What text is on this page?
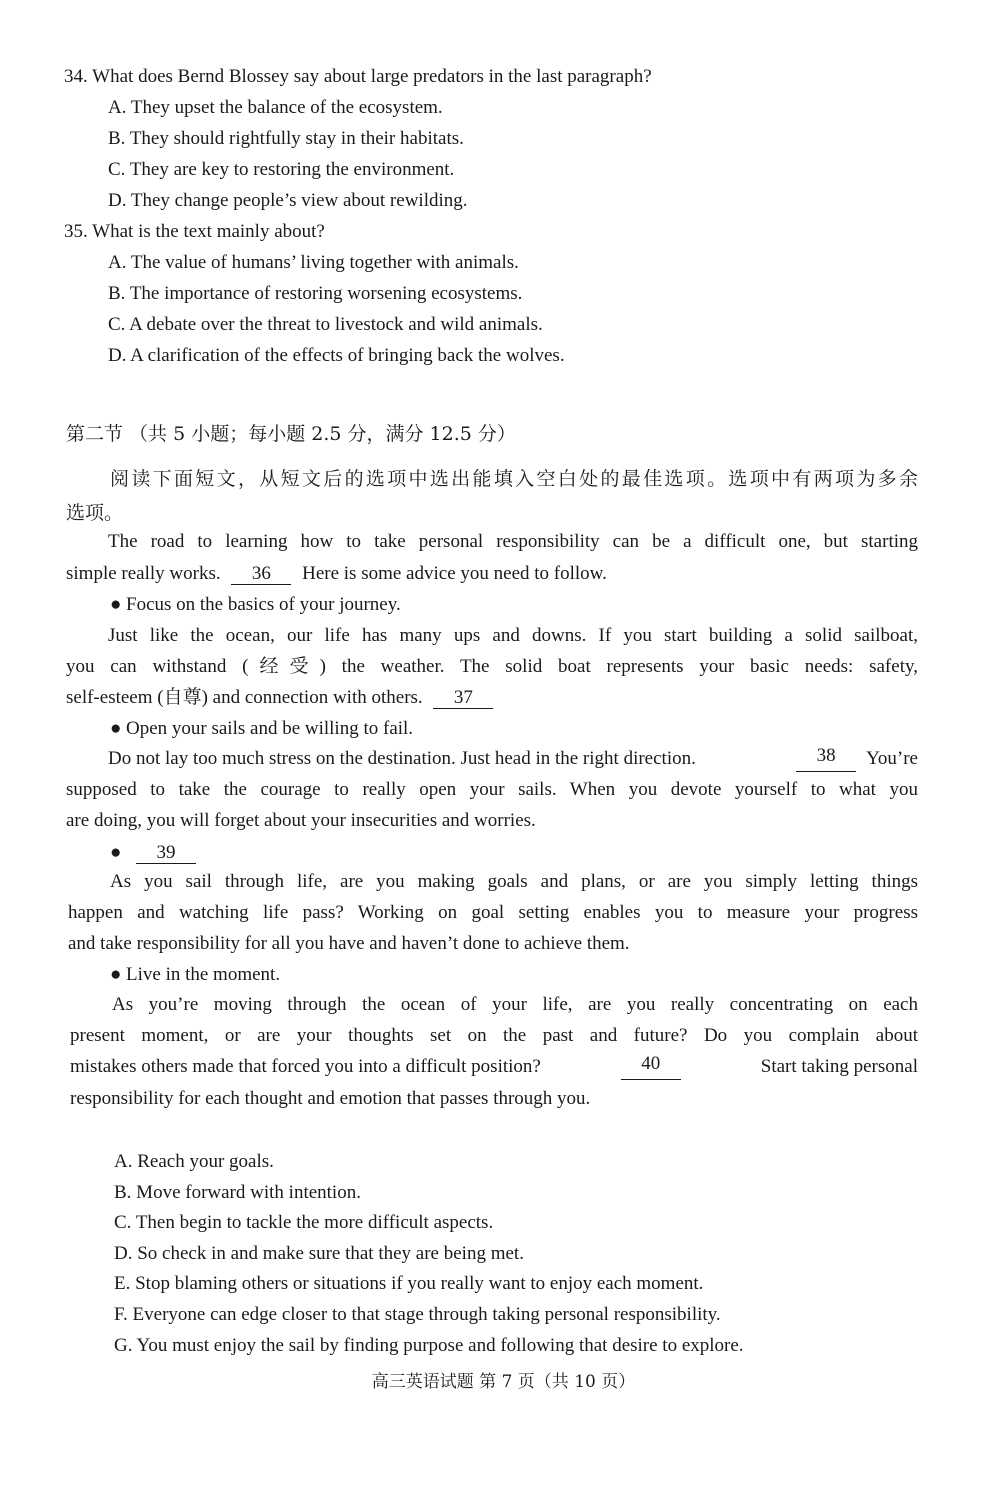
34. What does Bernd Blossey say about large predators in the last paragraph?
A. They upset the balance of the ecosystem.
B. They should rightfully stay in their habitats.
C. They are key to restoring the environment.
D. They change people’s view about rewilding.
35. What is the text mainly about?
A. The value of humans’ living together with animals.
B. The importance of restoring worsening ecosystems.
C. A debate over the threat to livestock and wild animals.
D. A clarification of the effects of bringing back the wolves.
第二节 （共 5 小题；每小题 2.5 分，满分 12.5 分）
阅读下面短文，从短文后的选项中选出能填入空白处的最佳选项。选项中有两项为多余
选项。
The road to learning how to take personal responsibility can be a difficult one, but starting
simple really works. 36 Here is some advice you need to follow.
● Focus on the basics of your journey.
Just like the ocean, our life has many ups and downs. If you start building a solid sailboat,
you can withstand (经受) the weather. The solid boat represents your basic needs: safety,
self-esteem (自尊) and connection with others. 37
● Open your sails and be willing to fail.
Do not lay too much stress on the destination. Just head in the right direction.	38	You’re
supposed to take the courage to really open your sails. When you devote yourself to what you
are doing, you will forget about your insecurities and worries.
● 39
As you sail through life, are you making goals and plans, or are you simply letting things
happen and watching life pass? Working on goal setting enables you to measure your progress
and take responsibility for all you have and haven’t done to achieve them.
● Live in the moment.
As you’re moving through the ocean of your life, are you really concentrating on each
present moment, or are your thoughts set on the past and future? Do you complain about
mistakes others made that forced you into a difficult position?	40	Start taking personal
responsibility for each thought and emotion that passes through you.
A. Reach your goals.
B. Move forward with intention.
C. Then begin to tackle the more difficult aspects.
D. So check in and make sure that they are being met.
E. Stop blaming others or situations if you really want to enjoy each moment.
F. Everyone can edge closer to that stage through taking personal responsibility.
G. You must enjoy the sail by finding purpose and following that desire to explore.
高三英语试题 第 7 页（共 10 页）
